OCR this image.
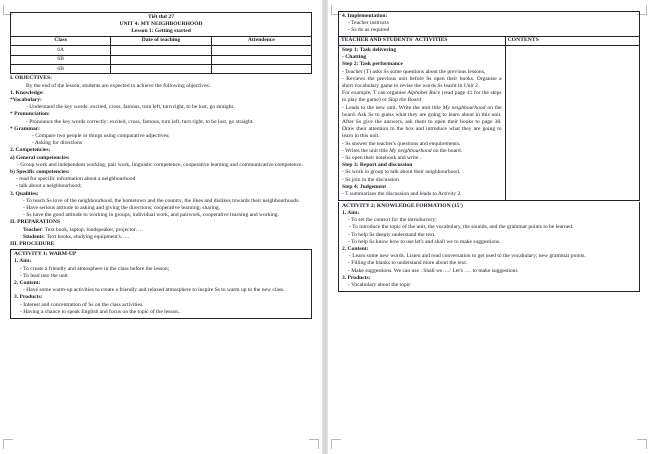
Tiết thứ 27
UNIT 4: MY NEIGHBOURHOOD
Lesson 1: Getting started		

Class	Date of teaching	Attendence
6A		
6B		
6B		

I. OBJECTIVES:

By the end of the lesson, students are expected to achieve the following objectives:

1. Knowledge:

*Vocabulary:

- Understand the key words: excited, cross, famous, turn left, turn right, to be lost, go straight.

* Pronunciation:

- Pronounce the key words correctly: excited, cross, famous, turn left, turn right, to be lost, go straight.

* Grammar:

- Compare two people or things using comparative adjectives;

- Asking for directions

2. Competencies:

a) General competencies:

- Group work and independent working, pair work, linguistic competence, cooperative learning and communicative competence.

b) Specific competencies:

- read for specific information about a neighbourhood

- talk about a neighbourhood;

3. Qualities:

- To teach Ss love of the neighbourhood, the hometown and the country, the likes and dislikes towards their neighbourhoods.

- Have serious attitude to asking and giving the directions; cooperative learning; sharing.

- Ss have the good attitude to working in groups, individual work, and pairwork, cooperative learning and working.

II. PREPARATIONS

Teacher: Text book, laptop, loudspeaker, projector….

Students: Text books, studying equipment's…..

III. PROCEDURE

ACTIVITY 1: WARM-UP

1. Aim:

- To create a friendly and atmosphere in the class before the lesson;

- To lead into the unit

2. Content:

- Have some warm-up activities to create a friendly and relaxed atmosphere to inspire Ss to warm up to the new class.

3. Products:

- Interest and concentration of Ss on the class activities.

- Having a chance to speak English and focus on the topic of the lesson..

4. Implementation:

- Teacher instructs

- Ss do as required

TEACHER AND STUDENTS' ACTIVITIES	CONTENTS

Step 1: Task delivering

- Chatting

Step 2: Task performance

- Teacher (T) asks Ss some questions about the previous lessons,

- Reviews the previous unit before Ss open their books. Organise a short vocabulary game to revise the words Ss learnt in Unit 3.

For example, T can organise Alphabet Race (read page 41 for the steps to play the game) or Slap the Board

- Leads to the new unit. Write the unit title My neighbourhood on the board. Ask Ss to guess what they are going to learn about in this unit. After Ss give the answers, ask them to open their books to page 38. Draw their attention to the box and introduce what they are going to learn in this unit.

- Ss snswer the teacher's questions and enquirements.

- Writes the unit title My neighbourhood on the board.

- Ss open their notebook and write .

Step 3: Report and discussion

- Ss work in group to talk about their neighbourhood.

- Ss join in the discussion

Step 4: Judgement

- T summarizes the discussion and leads to Activity 2.

ACTIVITY 2: KNOWLEDGE FORMATION (15')

1. Aim:

- To set the context for the introductory;

- To introduce the topic of the unit, the vocabulary, the sounds, and the grammar points to be learned.

- To help Ss deeply understand the text.

- To help Ss know how to use let's and shall we to make suggestions.

2. Content:

- Learn some new words. Listen and read conversation to get used to the vocabulary; new grammar points.

- Filling the blanks to understand more about the text.

- Make suggestions. We can use : Shall we…./ Let's …. to make suggestions

3. Products:

- Vocabulary about the topic
